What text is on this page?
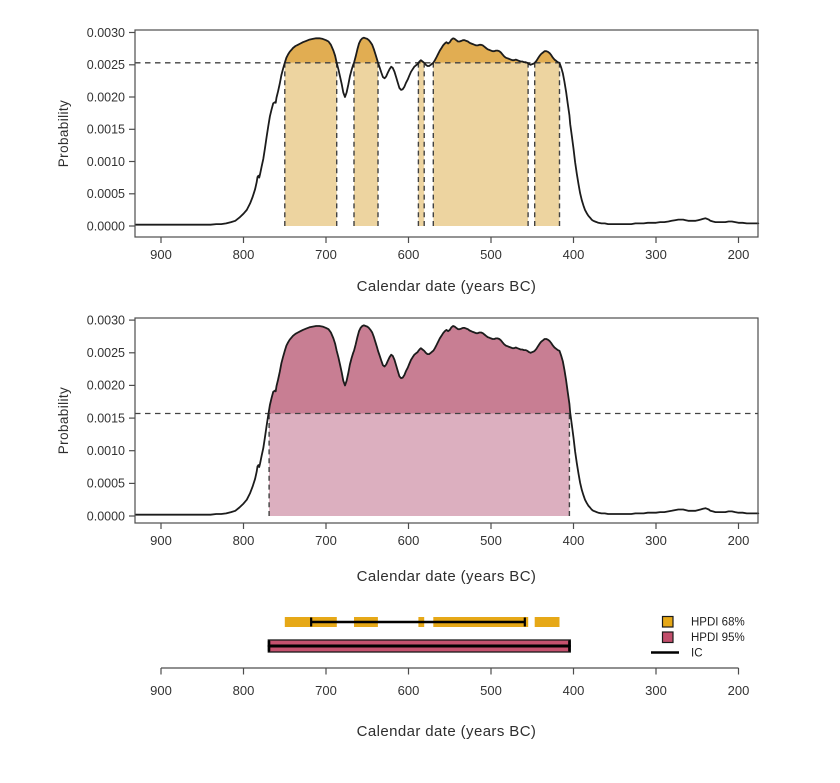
900	800	700	600	500	400	300	200
0.0000
0.0005
0.0010
0.0015
0.0020
0.0025
0.0030
Probability
Calendar date (years BC)
900	800	700	600	500	400	300	200
0.0000
0.0005
0.0010
0.0015
0.0020
0.0025
0.0030
Probability
Calendar date (years BC)
900	800	700	600	500	400	300	200
Calendar date (years BC)
HPDI 68%
HPDI 95%
IC
